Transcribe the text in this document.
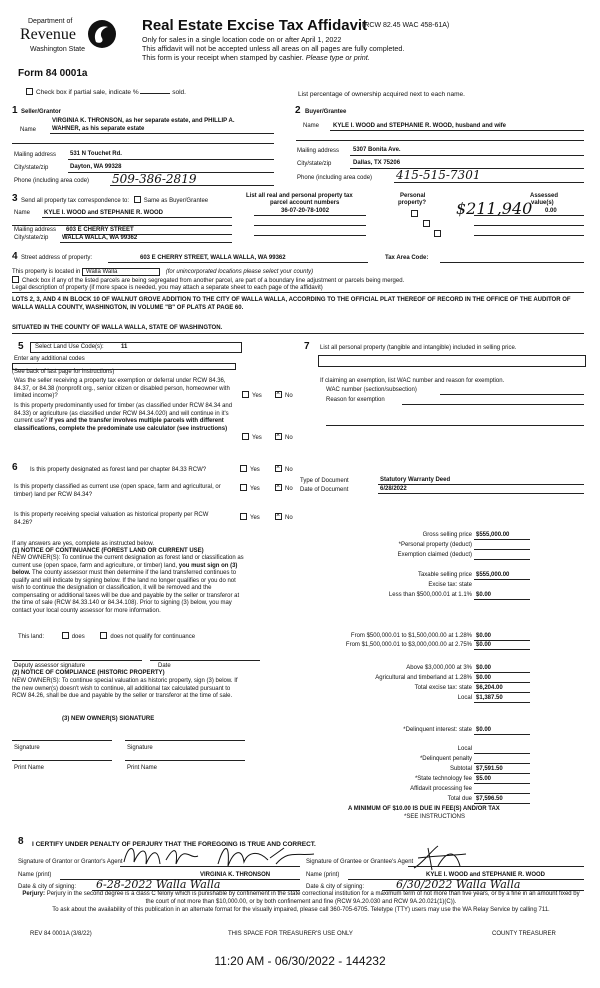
Department of
Revenue
Washington State
Real Estate Excise Tax Affidavit
(RCW 82.45 WAC 458-61A)
Only for sales in a single location code on or after April 1, 2022
This affidavit will not be accepted unless all areas on all pages are fully completed.
This form is your receipt when stamped by cashier. Please type or print.
Form 84 0001a
Check box if partial sale, indicate %	sold.	List percentage of ownership acquired next to each name.
1 Seller/Grantor
Name
VIRGINIA K. THRONSON, as her separate estate, and PHILLIP A.
WAHNER, as his separate estate
Mailing address 531 N Touchet Rd.
City/state/zip	Dayton, WA 99328
Phone (including area code) 509-386-2819
2 Buyer/Grantee
Name KYLE I. WOOD and STEPHANIE R. WOOD, husband and wife
Mailing address 5307 Bonita Ave.
City/state/zip	Dallas, TX 75206
Phone (including area code) 415-515-7301
3 Send all property tax correspondence to: Same as Buyer/Grantee
Name KYLE I. WOOD and STEPHANIE R. WOOD
Mailing address 603 E CHERRY STREET
City/state/zip WALLA WALLA, WA 99362
List all real and personal property tax
parcel account numbers
36-07-20-78-1002
Personal
property?

Assessed
value(s)
0.00
$211,940
4 Street address of property:	603 E CHERRY STREET, WALLA WALLA, WA 99362	Tax Area Code:
This property is located in Walla Walla	(for unincorporated locations please select your county)
Check box if any of the listed parcels are being segregated from another parcel, are part of a boundary line adjustment or parcels being merged.
Legal description of property (if more space is needed, you may attach a separate sheet to each page of the affidavit)
LOTS 2, 3, AND 4 IN BLOCK 10 OF WALNUT GROVE ADDITION TO THE CITY OF WALLA WALLA, ACCORDING TO THE OFFICIAL PLAT THEREOF OF RECORD IN THE OFFICE OF THE AUDITOR OF WALLA WALLA COUNTY, WASHINGTON, IN VOLUME "B" OF PLATS AT PAGE 60.
SITUATED IN THE COUNTY OF WALLA WALLA, STATE OF WASHINGTON.
5 Select Land Use Code(s):	11
Enter any additional codes
(See back of last page for instructions)
Was the seller receiving a property tax exemption or deferral under RCW 84.36, 84.37, or 84.38 (nonprofit org., senior citizen or disabled person, homeowner with limited income)?	Yes ×	No
Is this property predominantly used for timber (as classified under RCW 84.34 and 84.33) or agriculture (as classified under RCW 84.34.020) and will continue in it's current use? If yes and the transfer involves multiple parcels with different classifications, complete the predominate use calculator (see instructions)
Yes ×	No
7 List all personal property (tangible and intangible) included in selling price.
If claiming an exemption, list WAC number and reason for exemption.
WAC number (section/subsection)
Reason for exemption
6 Is this property designated as forest land per chapter 84.33 RCW?	Yes ×	No
Is this property classified as current use (open space, farm and agricultural, or timber) land per RCW 84.34?
Yes ×	No
Is this property receiving special valuation as historical property per RCW 84.26?
Yes ×	No
Type of Document	Statutory Warranty Deed
Date of Document	6/28/2022
If any answers are yes, complete as instructed below.
(1) NOTICE OF CONTINUANCE (FOREST LAND OR CURRENT USE)
NEW OWNER(S): To continue the current designation as forest land or classification as current use (open space, farm and agriculture, or timber) land, you must sign on (3) below. The county assessor must then determine if the land transferred continues to qualify and will indicate by signing below. If the land no longer qualifies or you do not wish to continue the designation or classification, it will be removed and the compensating or additional taxes will be due and payable by the seller or transferor at the time of sale (RCW 84.33.140 or 84.34.108). Prior to signing (3) below, you may contact your local county assessor for more information.
This land:	does	does not qualify for continuance
Deputy assessor signature	Date
(2) NOTICE OF COMPLIANCE (HISTORIC PROPERTY)
NEW OWNER(S): To continue special valuation as historic property, sign (3) below. If the new owner(s) doesn't wish to continue, all additional tax calculated pursuant to RCW 84.26, shall be due and payable by the seller or transferor at the time of sale.
(3) NEW OWNER(S) SIGNATURE
Signature	Signature
Print Name	Print Name
Gross selling price $555,000.00
*Personal property (deduct)
Exemption claimed (deduct)
Taxable selling price $555,000.00
Excise tax: state
Less than $500,000.01 at 1.1% $0.00
From $500,000.01 to $1,500,000.00 at 1.28% $0.00
From $1,500,000.01 to $3,000,000.00 at 2.75% $0.00
Above $3,000,000 at 3% $0.00
Agricultural and timberland at 1.28% $0.00
Total excise tax: state $6,204.00
Local $1,387.50
*Delinquent interest: state $0.00
Local
*Delinquent penalty
Subtotal $7,591.50
*State technology fee $5.00
Affidavit processing fee
Total due $7,596.50
A MINIMUM OF $10.00 IS DUE IN FEE(S) AND/OR TAX
*SEE INSTRUCTIONS
8 I CERTIFY UNDER PENALTY OF PERJURY THAT THE FOREGOING IS TRUE AND CORRECT.
Signature of Grantor or Grantor's Agent	Signature of Grantee or Grantee's Agent
Name (print)	VIRGINIA K. THRONSON	Name (print)	KYLE I. WOOD and STEPHANIE R. WOOD
Date & city of signing: 6-28-2022 Walla Walla	Date & city of signing:	6/30/2022 Walla Walla
Perjury: Perjury in the second degree is a class C felony which is punishable by confinement in the state correctional institution for a maximum term of not more than five years, or by a fine in an amount fixed by the court of not more than $10,000.00, or by both confinement and fine (RCW 9A.20.030 and RCW 9A.20.021(1)(C)).
To ask about the availability of this publication in an alternate format for the visually impaired, please call 360-705-6705. Teletype (TTY) users may use the WA Relay Service by calling 711.
REV 84 0001A (3/8/22)	THIS SPACE FOR TREASURER'S USE ONLY	COUNTY TREASURER
11:20 AM - 06/30/2022 - 144232
